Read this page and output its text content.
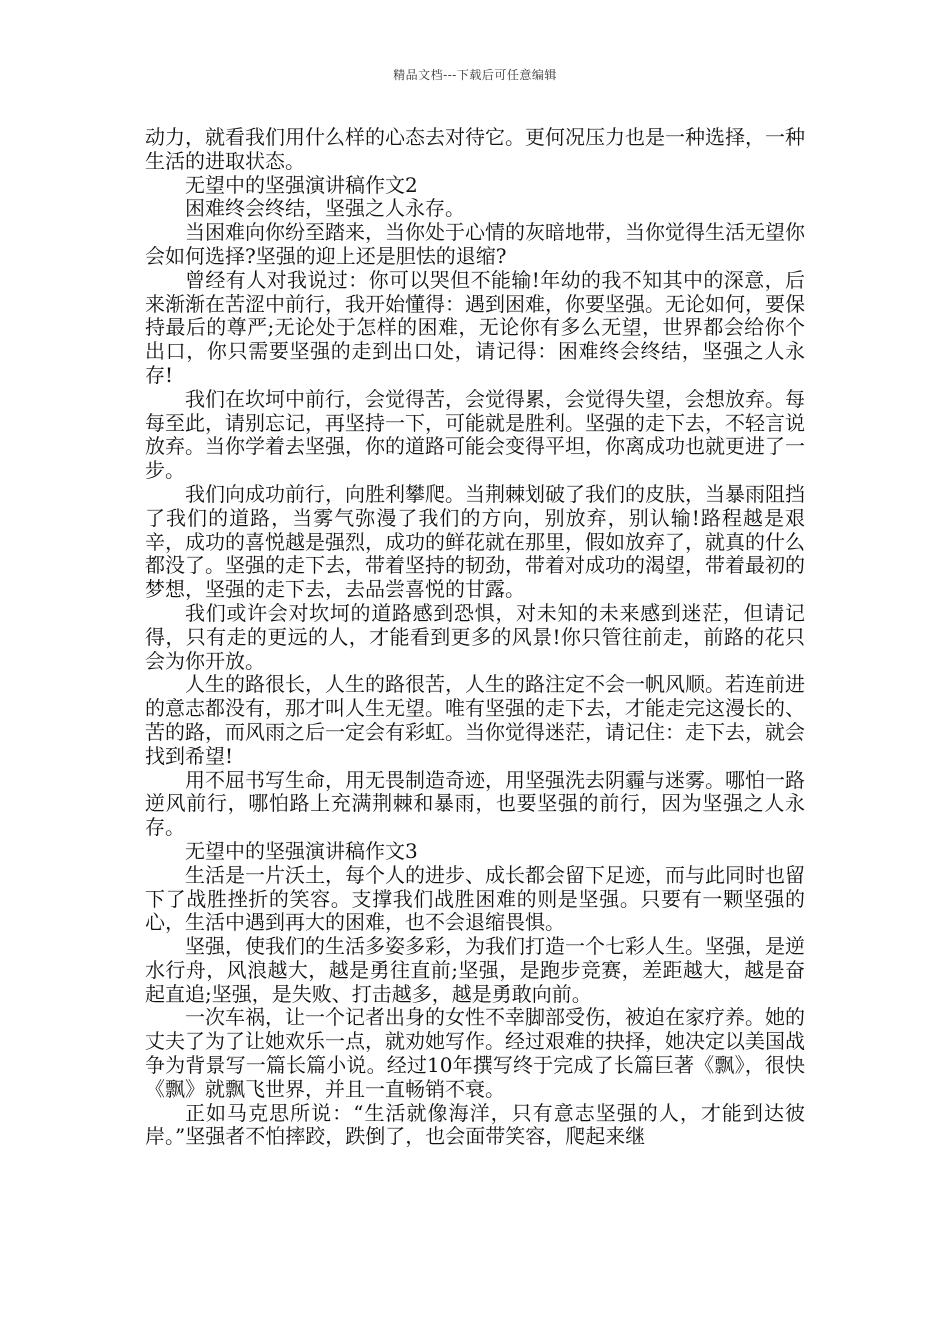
精品文档---下载后可任意编辑

动力，就看我们用什么样的心态去对待它。更何况压力也是一种选择，一种生活的进取状态。

无望中的坚强演讲稿作文2

困难终会终结，坚强之人永存。

当困难向你纷至踏来，当你处于心情的灰暗地带，当你觉得生活无望你会如何选择?坚强的迎上还是胆怯的退缩?

曾经有人对我说过：你可以哭但不能输!年幼的我不知其中的深意，后来渐渐在苦涩中前行，我开始懂得：遇到困难，你要坚强。无论如何，要保持最后的尊严;无论处于怎样的困难，无论你有多么无望，世界都会给你个出口，你只需要坚强的走到出口处，请记得：困难终会终结，坚强之人永存!

我们在坎坷中前行，会觉得苦，会觉得累，会觉得失望，会想放弃。每每至此，请别忘记，再坚持一下，可能就是胜利。坚强的走下去，不轻言说放弃。当你学着去坚强，你的道路可能会变得平坦，你离成功也就更进了一步。

我们向成功前行，向胜利攀爬。当荆棘划破了我们的皮肤，当暴雨阻挡了我们的道路，当雾气弥漫了我们的方向，别放弃，别认输!路程越是艰辛，成功的喜悦越是强烈，成功的鲜花就在那里，假如放弃了，就真的什么都没了。坚强的走下去，带着坚持的韧劲，带着对成功的渴望，带着最初的梦想，坚强的走下去，去品尝喜悦的甘露。

我们或许会对坎坷的道路感到恐惧，对未知的未来感到迷茫，但请记得，只有走的更远的人，才能看到更多的风景!你只管往前走，前路的花只会为你开放。

人生的路很长，人生的路很苦，人生的路注定不会一帆风顺。若连前进的意志都没有，那才叫人生无望。唯有坚强的走下去，才能走完这漫长的、苦的路，而风雨之后一定会有彩虹。当你觉得迷茫，请记住：走下去，就会找到希望!

用不屈书写生命，用无畏制造奇迹，用坚强洗去阴霾与迷雾。哪怕一路逆风前行，哪怕路上充满荆棘和暴雨，也要坚强的前行，因为坚强之人永存。

无望中的坚强演讲稿作文3

生活是一片沃土，每个人的进步、成长都会留下足迹，而与此同时也留下了战胜挫折的笑容。支撑我们战胜困难的则是坚强。只要有一颗坚强的心，生活中遇到再大的困难，也不会退缩畏惧。

坚强，使我们的生活多姿多彩，为我们打造一个七彩人生。坚强，是逆水行舟，风浪越大，越是勇往直前;坚强，是跑步竞赛，差距越大，越是奋起直追;坚强，是失败、打击越多，越是勇敢向前。

一次车祸，让一个记者出身的女性不幸脚部受伤，被迫在家疗养。她的丈夫了为了让她欢乐一点，就劝她写作。经过艰难的抉择，她决定以美国战争为背景写一篇长篇小说。经过10年撰写终于完成了长篇巨著《飘》，很快《飘》就飘飞世界，并且一直畅销不衰。

正如马克思所说：“生活就像海洋，只有意志坚强的人，才能到达彼岸。”坚强者不怕摔跤，跌倒了，也会面带笑容，爬起来继
